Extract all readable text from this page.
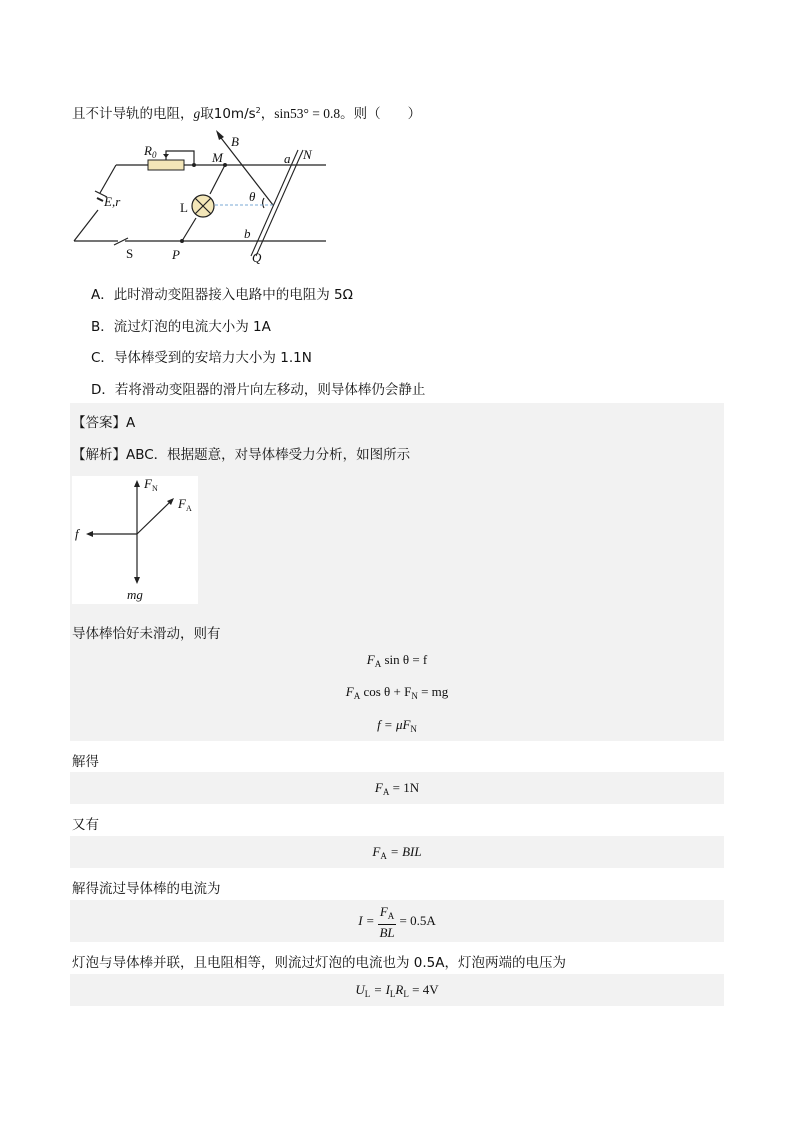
且不计导轨的电阻，g取$10m/s^2$，sin53° = 0.8。则（　　）
$R_0$	M
B
a N
E,r	L
θ
S	P
b
Q
A．此时滑动变阻器接入电路中的电阻为 5Ω
B．流过灯泡的电流大小为 1A
C．导体棒受到的安培力大小为 1.1N
D．若将滑动变阻器的滑片向左移动，则导体棒仍会静止
【答案】A
【解析】ABC．根据题意，对导体棒受力分析，如图所示
$F_N$
$F_A$
f
mg
导体棒恰好未滑动，则有
$F_A$ sin θ = f
$F_A$ $\cos \theta + F_N$ = mg
$f = \mu F_N$
解得
$F_A = 1N$
又有
$F_A$ = BIL
解得流过导体棒的电流为
$I = \frac{F_A}{BL} = 0.5A$
灯泡与导体棒并联，且电阻相等，则流过灯泡的电流也为 0.5A，灯泡两端的电压为
$U_L = I_LR_L = 4V$
